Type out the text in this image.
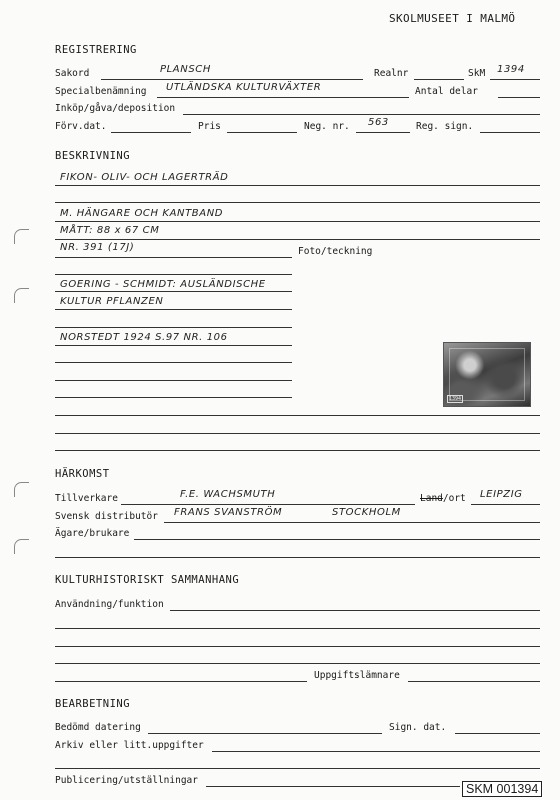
SKOLMUSEET I MALMÖ
REGISTRERING
Sakord	PLANSCH	Realnr	SkM 1394
Specialbenämning UTLÄNDSKA KULTURVÄXTER	Antal delar
Inköp/gåva/deposition
Förv.dat.	Pris	Neg. nr. 563	Reg. sign.
BESKRIVNING
FIKON- OLIV- OCH LAGERTRÄD
M. HÄNGARE OCH KANTBAND
MÅTT: 88 x 67 CM
NR. 391 (17J)	Foto/teckning
GOERING - SCHMIDT: AUSLÄNDISCHE
KULTUR PFLANZEN
NORSTEDT 1924 S.97 NR. 106
1394
HÄRKOMST
Tillverkare	F.E. WACHSMUTH	Land/ort LEIPZIG
Svensk distributör FRANS SVANSTRÖM	STOCKHOLM
Ägare/brukare
KULTURHISTORISKT SAMMANHANG
Användning/funktion
Uppgiftslämnare
BEARBETNING
Bedömd datering	Sign. dat.
Arkiv eller litt.uppgifter
Publicering/utställningar
SKM 001394
